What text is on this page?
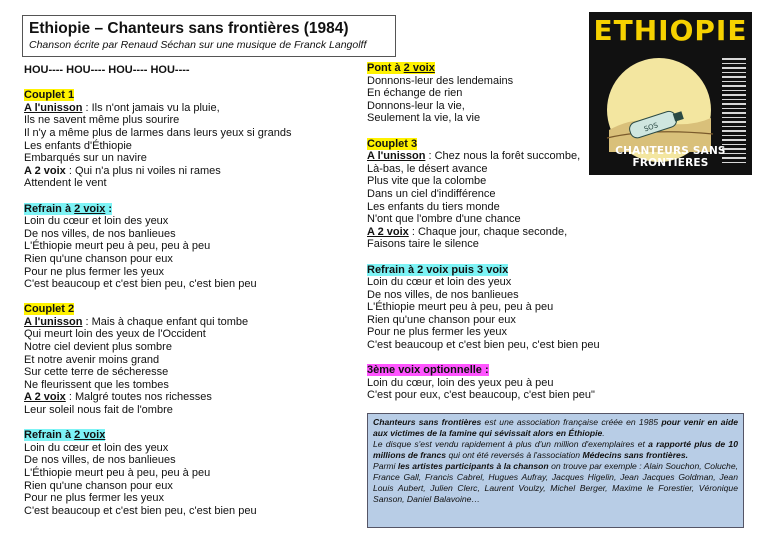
Ethiopie – Chanteurs sans frontières (1984)
Chanson écrite par Renaud Séchan sur une musique de Franck Langolff
HOU---- HOU---- HOU---- HOU----
Couplet 1
A l'unisson : Ils n'ont jamais vu la pluie,
Ils ne savent même plus sourire
Il n'y a même plus de larmes dans leurs yeux si grands
Les enfants d'Éthiopie
Embarqués sur un navire
A 2 voix : Qui n'a plus ni voiles ni rames
Attendent le vent
Refrain à 2 voix :
Loin du cœur et loin des yeux
De nos villes, de nos banlieues
L'Éthiopie meurt peu à peu, peu à peu
Rien qu'une chanson pour eux
Pour ne plus fermer les yeux
C'est beaucoup et c'est bien peu, c'est bien peu
Couplet 2
A l'unisson : Mais à chaque enfant qui tombe
Qui meurt loin des yeux de l'Occident
Notre ciel devient plus sombre
Et notre avenir moins grand
Sur cette terre de sécheresse
Ne fleurissent que les tombes
A 2 voix : Malgré toutes nos richesses
Leur soleil nous fait de l'ombre
Refrain à 2 voix
Loin du cœur et loin des yeux
De nos villes, de nos banlieues
L'Éthiopie meurt peu à peu, peu à peu
Rien qu'une chanson pour eux
Pour ne plus fermer les yeux
C'est beaucoup et c'est bien peu, c'est bien peu
Pont à 2 voix
Donnons-leur des lendemains
En échange de rien
Donnons-leur la vie,
Seulement la vie, la vie
Couplet 3
A l'unisson : Chez nous la forêt succombe,
Là-bas, le désert avance
Plus vite que la colombe
Dans un ciel d'indifférence
Les enfants du tiers monde
N'ont que l'ombre d'une chance
A 2 voix : Chaque jour, chaque seconde,
Faisons taire le silence
Refrain à 2 voix puis 3 voix
Loin du cœur et loin des yeux
De nos villes, de nos banlieues
L'Éthiopie meurt peu à peu, peu à peu
Rien qu'une chanson pour eux
Pour ne plus fermer les yeux
C'est beaucoup et c'est bien peu, c'est bien peu
3ème voix optionnelle :
Loin du cœur, loin des yeux peu à peu
C'est pour eux, c'est beaucoup, c'est bien peu"
SOS
ETHIOPIE
CHANTEURS SANS FRONTIERES

Chanteurs sans frontières est une association française créée en 1985 pour venir en aide aux victimes de la famine qui sévissait alors en Éthiopie.

Le disque s'est vendu rapidement à plus d'un million d'exemplaires et a rapporté plus de 10 millions de francs qui ont été reversés à l'association Médecins sans frontières.

Parmi les artistes participants à la chanson on trouve par exemple : Alain Souchon, Coluche, France Gall, Francis Cabrel, Hugues Aufray, Jacques Higelin, Jean Jacques Goldman, Jean Louis Aubert, Julien Clerc, Laurent Voulzy, Michel Berger, Maxime le Forestier, Véronique Sanson, Daniel Balavoine…
